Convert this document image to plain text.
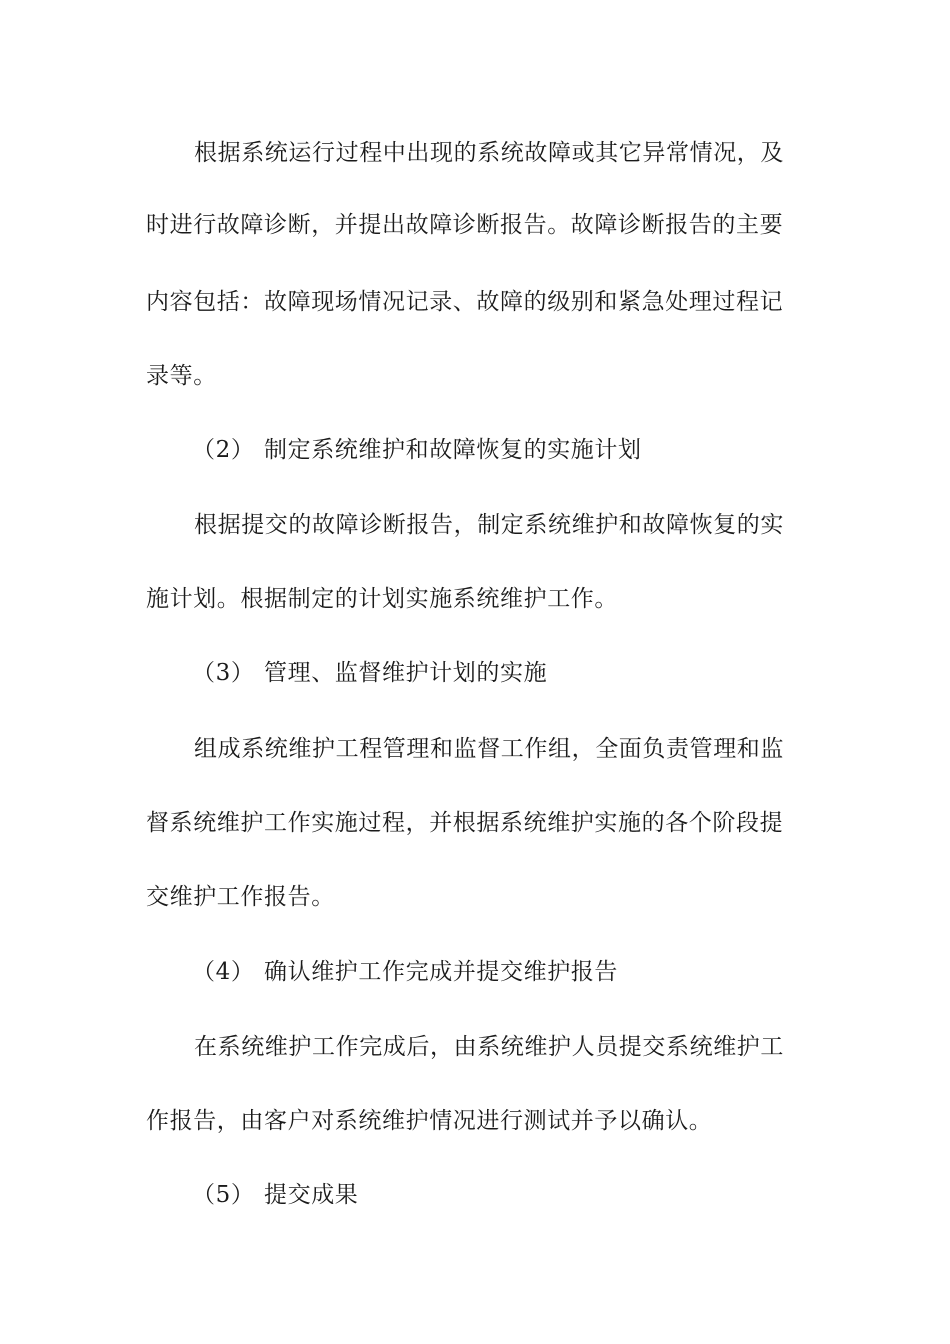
根据系统运行过程中出现的系统故障或其它异常情况，及
时进行故障诊断，并提出故障诊断报告。故障诊断报告的主要
内容包括：故障现场情况记录、故障的级别和紧急处理过程记
录等。
（2） 制定系统维护和故障恢复的实施计划
根据提交的故障诊断报告，制定系统维护和故障恢复的实
施计划。根据制定的计划实施系统维护工作。
（3） 管理、监督维护计划的实施
组成系统维护工程管理和监督工作组，全面负责管理和监
督系统维护工作实施过程，并根据系统维护实施的各个阶段提
交维护工作报告。
（4） 确认维护工作完成并提交维护报告
在系统维护工作完成后，由系统维护人员提交系统维护工
作报告，由客户对系统维护情况进行测试并予以确认。
（5） 提交成果
